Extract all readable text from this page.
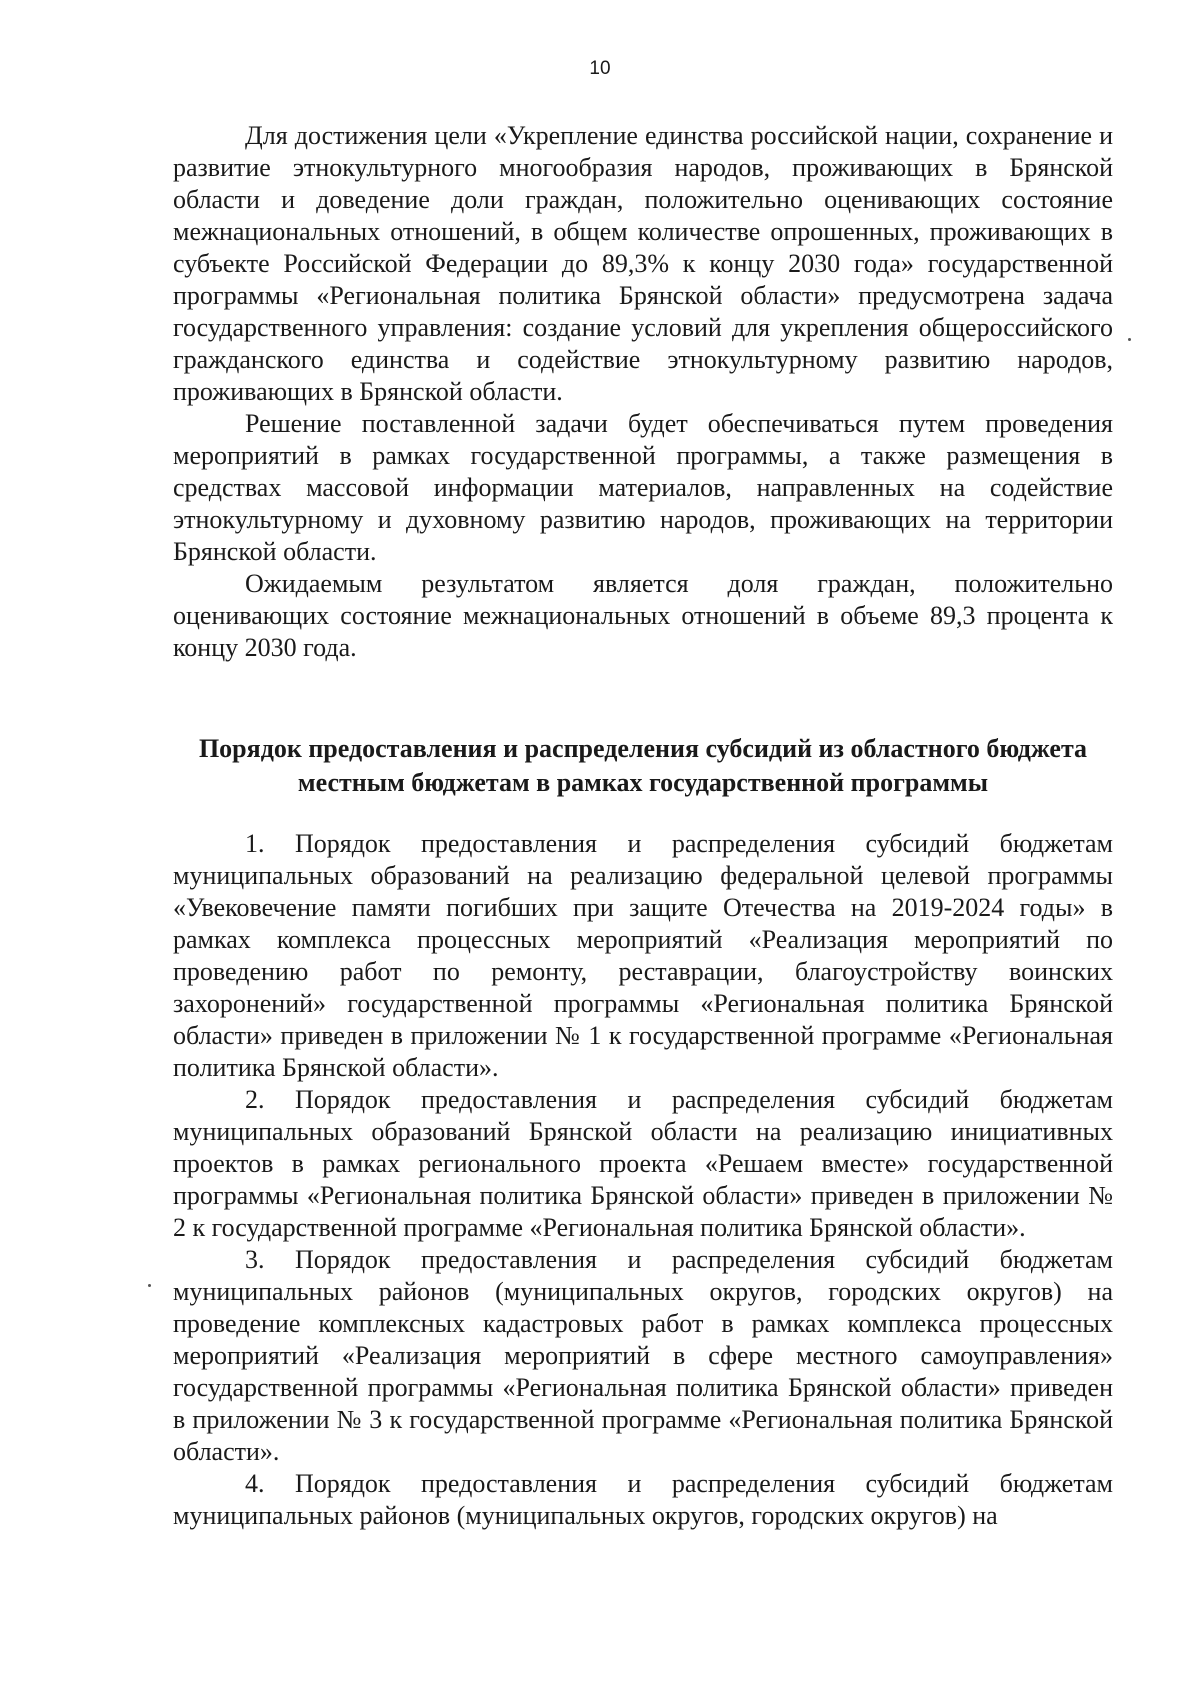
10

Для достижения цели «Укрепление единства российской нации, сохранение и развитие этнокультурного многообразия народов, проживающих в Брянской области и доведение доли граждан, положительно оценивающих состояние межнациональных отношений, в общем количестве опрошенных, проживающих в субъекте Российской Федерации до 89,3% к концу 2030 года» государственной программы «Региональная политика Брянской области» предусмотрена задача государственного управления: создание условий для укрепления общероссийского гражданского единства и содействие этнокультурному развитию народов, проживающих в Брянской области.

Решение поставленной задачи будет обеспечиваться путем проведения мероприятий в рамках государственной программы, а также размещения в средствах массовой информации материалов, направленных на содействие этнокультурному и духовному развитию народов, проживающих на территории Брянской области.

Ожидаемым результатом является доля граждан, положительно оценивающих состояние межнациональных отношений в объеме 89,3 процента к концу 2030 года.

Порядок предоставления и распределения субсидий из областного бюджета местным бюджетам в рамках государственной программы

1. Порядок предоставления и распределения субсидий бюджетам муниципальных образований на реализацию федеральной целевой программы «Увековечение памяти погибших при защите Отечества на 2019-2024 годы» в рамках комплекса процессных мероприятий «Реализация мероприятий по проведению работ по ремонту, реставрации, благоустройству воинских захоронений» государственной программы «Региональная политика Брянской области» приведен в приложении № 1 к государственной программе «Региональная политика Брянской области».

2. Порядок предоставления и распределения субсидий бюджетам муниципальных образований Брянской области на реализацию инициативных проектов в рамках регионального проекта «Решаем вместе» государственной программы «Региональная политика Брянской области» приведен в приложении № 2 к государственной программе «Региональная политика Брянской области».

3. Порядок предоставления и распределения субсидий бюджетам муниципальных районов (муниципальных округов, городских округов) на проведение комплексных кадастровых работ в рамках комплекса процессных мероприятий «Реализация мероприятий в сфере местного самоуправления» государственной программы «Региональная политика Брянской области» приведен в приложении № 3 к государственной программе «Региональная политика Брянской области».

4. Порядок предоставления и распределения субсидий бюджетам муниципальных районов (муниципальных округов, городских округов) на
